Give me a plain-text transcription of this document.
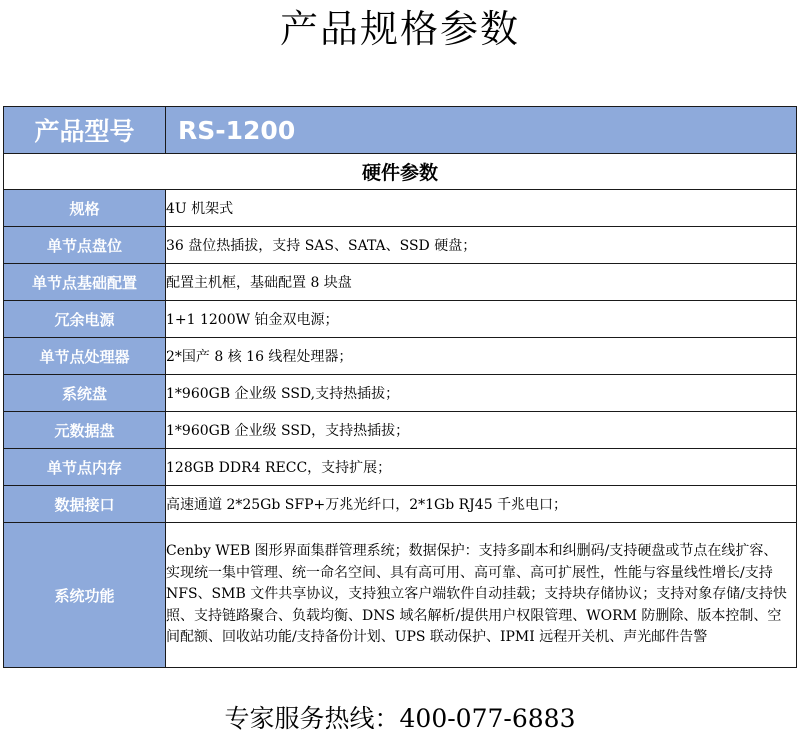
产品规格参数
产品型号	RS-1200
硬件参数	
规格	4U 机架式
单节点盘位	36 盘位热插拔，支持 SAS、SATA、SSD 硬盘；
单节点基础配置	配置主机框，基础配置 8 块盘
冗余电源	1+1 1200W 铂金双电源；
单节点处理器	2*国产 8 核 16 线程处理器；
系统盘	1*960GB 企业级 SSD,支持热插拔；
元数据盘	1*960GB 企业级 SSD，支持热插拔；
单节点内存	128GB DDR4 RECC，支持扩展；
数据接口	高速通道 2*25Gb SFP+万兆光纤口，2*1Gb RJ45 千兆电口；
系统功能	Cenby WEB 图形界面集群管理系统；数据保护：支持多副本和纠删码/支持硬盘或节点在线扩容、实现统一集中管理、统一命名空间、具有高可用、高可靠、高可扩展性，性能与容量线性增长/支持 NFS、SMB 文件共享协议，支持独立客户端软件自动挂载；支持块存储协议；支持对象存储/支持快照、支持链路聚合、负载均衡、DNS 域名解析/提供用户权限管理、WORM 防删除、版本控制、空间配额、回收站功能/支持备份计划、UPS 联动保护、IPMI 远程开关机、声光邮件告警
专家服务热线：400-077-6883
